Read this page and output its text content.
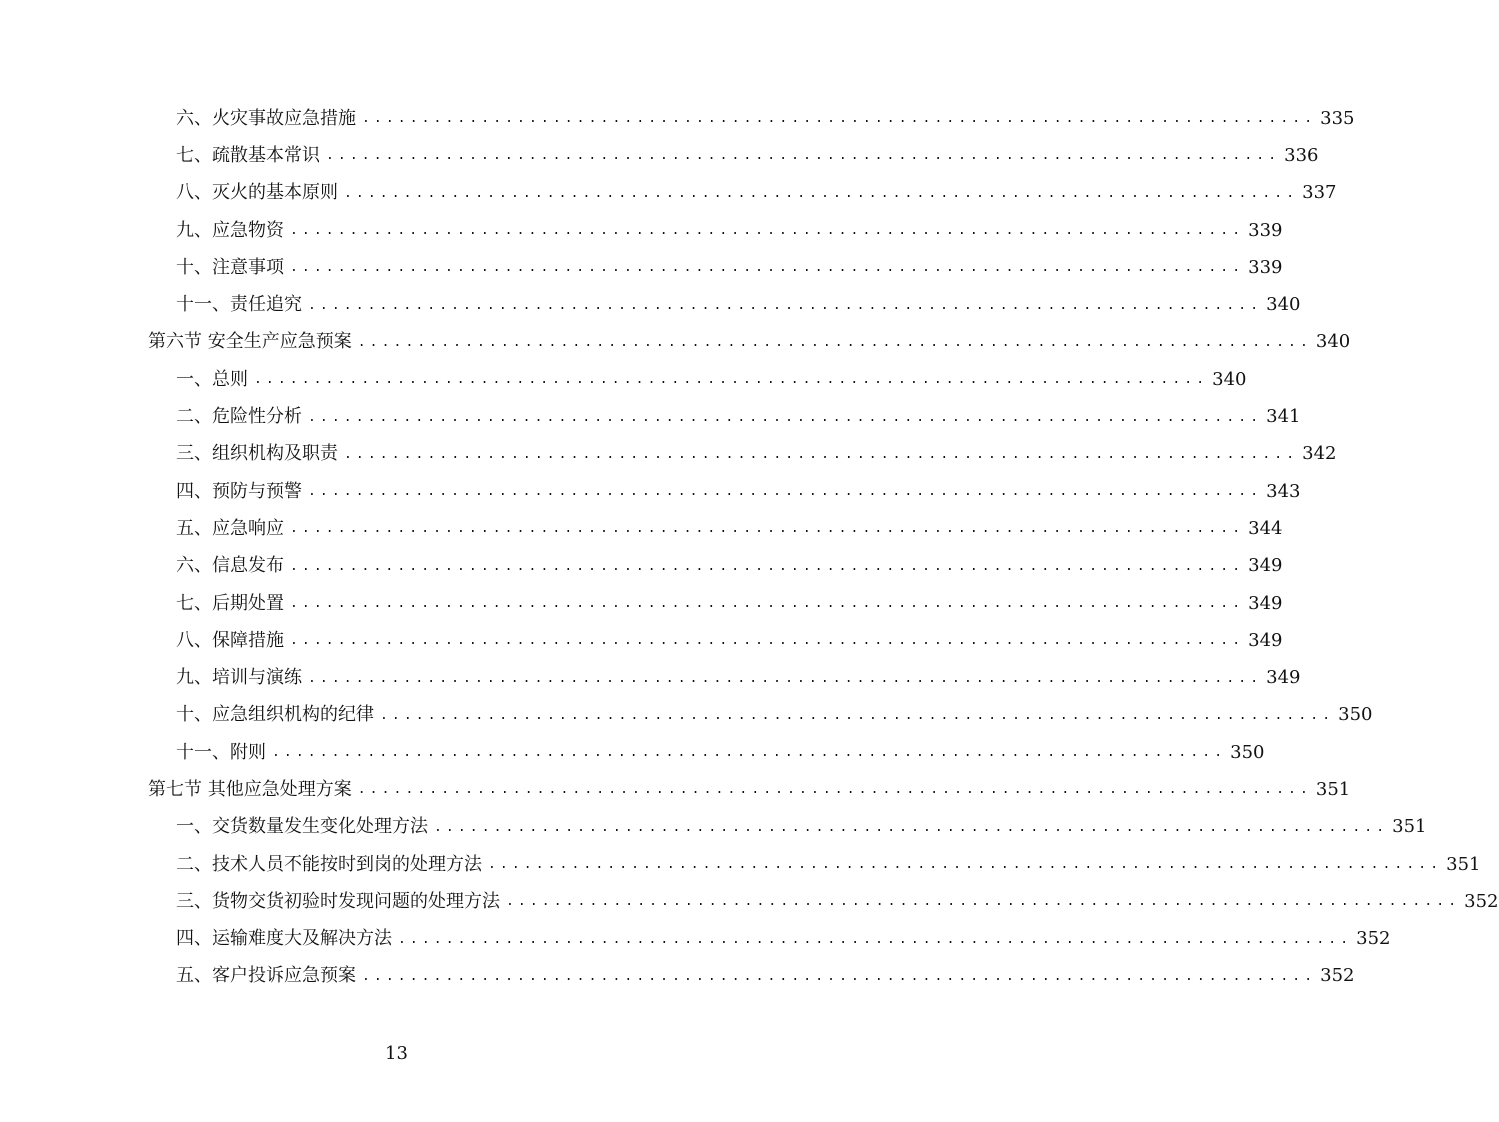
六、火灾事故应急措施 ................................................................................ 335
七、疏散基本常识 ................................................................................ 336
八、灭火的基本原则 ................................................................................ 337
九、应急物资 ................................................................................ 339
十、注意事项 ................................................................................ 339
十一、责任追究 ................................................................................ 340
第六节 安全生产应急预案 ................................................................................ 340
一、总则 ................................................................................ 340
二、危险性分析 ................................................................................ 341
三、组织机构及职责 ................................................................................ 342
四、预防与预警 ................................................................................ 343
五、应急响应 ................................................................................ 344
六、信息发布 ................................................................................ 349
七、后期处置 ................................................................................ 349
八、保障措施 ................................................................................ 349
九、培训与演练 ................................................................................ 349
十、应急组织机构的纪律 ................................................................................ 350
十一、附则 ................................................................................ 350
第七节 其他应急处理方案 ................................................................................ 351
一、交货数量发生变化处理方法 ................................................................................ 351
二、技术人员不能按时到岗的处理方法 ................................................................................ 351
三、货物交货初验时发现问题的处理方法 ................................................................................ 352
四、运输难度大及解决方法 ................................................................................ 352
五、客户投诉应急预案 ................................................................................ 352
13
